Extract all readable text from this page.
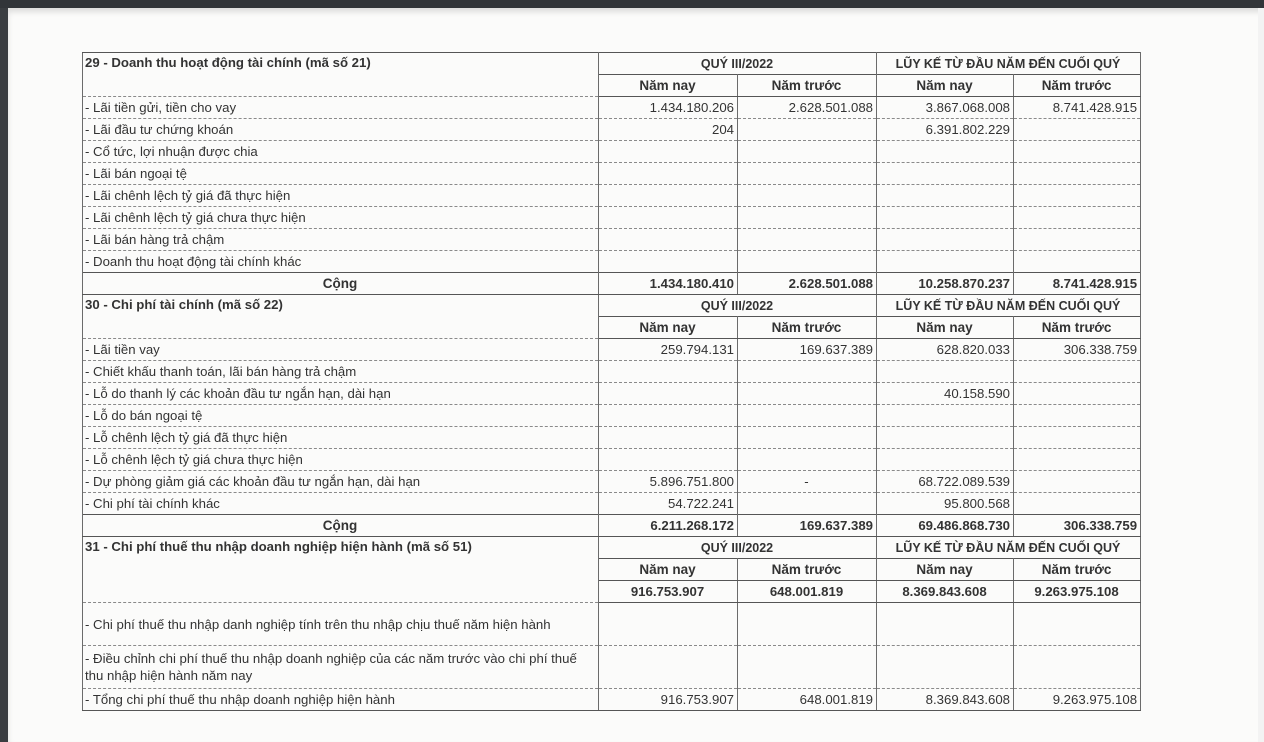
29 - Doanh thu hoạt động tài chính (mã số 21)	QUÝ III/2022		LŨY KẾ TỪ ĐẦU NĂM ĐẾN CUỐI QUÝ	
	Năm nay	Năm trước	Năm nay	Năm trước
- Lãi tiền gửi, tiền cho vay	1.434.180.206	2.628.501.088	3.867.068.008	8.741.428.915
- Lãi đầu tư chứng khoán	204		6.391.802.229	
- Cổ tức, lợi nhuận được chia				
- Lãi bán ngoại tệ				
- Lãi chênh lệch tỷ giá đã thực hiện				
- Lãi chênh lệch tỷ giá chưa thực hiện				
- Lãi bán hàng trả chậm				
- Doanh thu hoạt động tài chính khác				
Cộng	1.434.180.410	2.628.501.088	10.258.870.237	8.741.428.915
30 - Chi phí tài chính (mã số 22)	QUÝ III/2022		LŨY KẾ TỪ ĐẦU NĂM ĐẾN CUỐI QUÝ	
	Năm nay	Năm trước	Năm nay	Năm trước
- Lãi tiền vay	259.794.131	169.637.389	628.820.033	306.338.759
- Chiết khấu thanh toán, lãi bán hàng trả chậm				
- Lỗ do thanh lý các khoản đầu tư ngắn hạn, dài hạn			40.158.590	
- Lỗ do bán ngoại tệ				
- Lỗ chênh lệch tỷ giá đã thực hiện				
- Lỗ chênh lệch tỷ giá chưa thực hiện				
- Dự phòng giảm giá các khoản đầu tư ngắn hạn, dài hạn	5.896.751.800	-	68.722.089.539	
- Chi phí tài chính khác	54.722.241		95.800.568	
Cộng	6.211.268.172	169.637.389	69.486.868.730	306.338.759
31 - Chi phí thuế thu nhập doanh nghiệp hiện hành (mã số 51)	QUÝ III/2022		LŨY KẾ TỪ ĐẦU NĂM ĐẾN CUỐI QUÝ	
	Năm nay	Năm trước	Năm nay	Năm trước
	916.753.907	648.001.819	8.369.843.608	9.263.975.108
- Chi phí thuế thu nhập danh nghiệp tính trên thu nhập chịu thuế năm hiện hành				
- Điều chỉnh chi phí thuế thu nhập doanh nghiệp của các năm trước vào chi phí thuế thu nhập hiện hành năm nay				
- Tổng chi phí thuế thu nhập doanh nghiệp hiện hành	916.753.907	648.001.819	8.369.843.608	9.263.975.108
